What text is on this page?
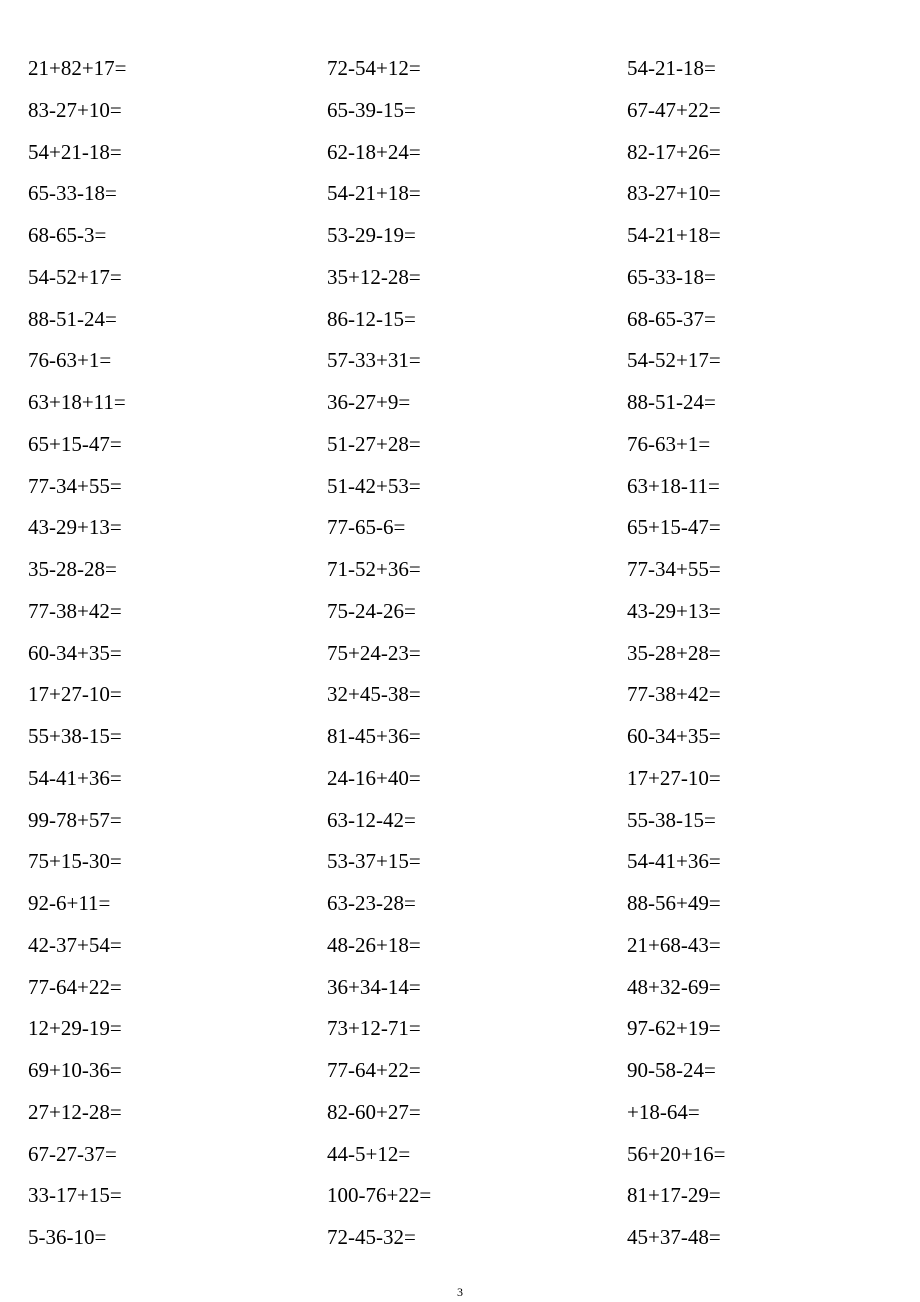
21+82+17=
83-27+10=
54+21-18=
65-33-18=
68-65-3=
54-52+17=
88-51-24=
76-63+1=
63+18+11=
65+15-47=
77-34+55=
43-29+13=
35-28-28=
77-38+42=
60-34+35=
17+27-10=
55+38-15=
54-41+36=
99-78+57=
75+15-30=
92-6+11=
42-37+54=
77-64+22=
12+29-19=
69+10-36=
27+12-28=
67-27-37=
33-17+15=
5-36-10=
72-54+12=
65-39-15=
62-18+24=
54-21+18=
53-29-19=
35+12-28=
86-12-15=
57-33+31=
36-27+9=
51-27+28=
51-42+53=
77-65-6=
71-52+36=
75-24-26=
75+24-23=
32+45-38=
81-45+36=
24-16+40=
63-12-42=
53-37+15=
63-23-28=
48-26+18=
36+34-14=
73+12-71=
77-64+22=
82-60+27=
44-5+12=
100-76+22=
72-45-32=
54-21-18=
67-47+22=
82-17+26=
83-27+10=
54-21+18=
65-33-18=
68-65-37=
54-52+17=
88-51-24=
76-63+1=
63+18-11=
65+15-47=
77-34+55=
43-29+13=
35-28+28=
77-38+42=
60-34+35=
17+27-10=
55-38-15=
54-41+36=
88-56+49=
21+68-43=
48+32-69=
97-62+19=
90-58-24=
+18-64=
56+20+16=
81+17-29=
45+37-48=
3
